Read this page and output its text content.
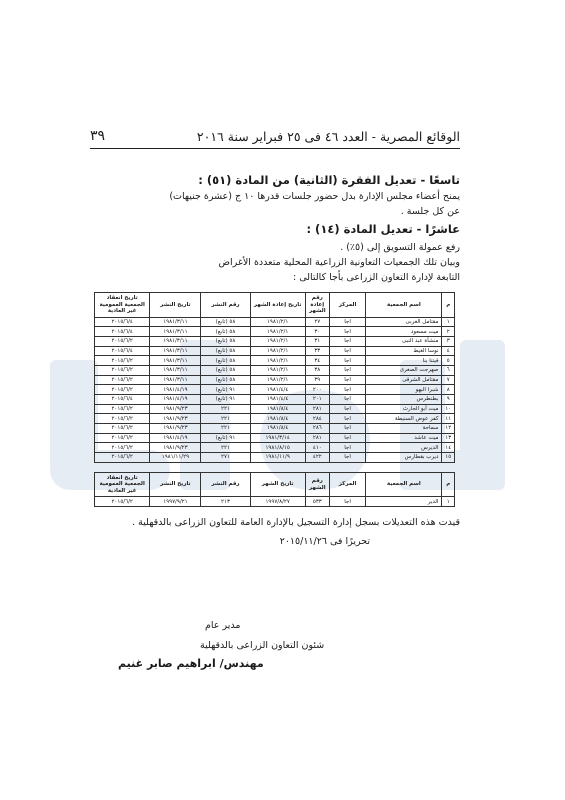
الوقائع المصرية - العدد ٤٦ فى ٢٥ فبراير سنة ٢٠١٦
٣٩
تاسعًا - تعديل الفقرة (الثانية) من المادة (٥١) :

يمنح أعضاء مجلس الإدارة بدل حضور جلسات قدرها ١٠ ج (عشرة جنيهات)

عن كل جلسة .

عاشرًا - تعديل المادة (١٤) :

رفع عمولة التسويق إلى (٥٪) .

وبيان تلك الجمعيات التعاونية الزراعية المحلية متعددة الأغراض

التابعة لإدارة التعاون الزراعى بأجا كالتالى :

م	اسم الجمعية	المركز	رقم إعادة الشهر	تاريخ إعادة الشهر	رقم النشر	تاريخ النشر	تاريخ انعقاد الجمعية العمومية غير العادية
١	مقتامل الغربى	اجا	٢٧	١٩٨١/٢/١	٥٨ (تابع)	١٩٨١/٣/١١	٢٠١٥/٦/٤
٢	ميت مسعود	اجا	٣٠	١٩٨١/٢/١	٥٨ (تابع)	١٩٨١/٣/١١	٢٠١٥/٦/٤
٣	منشأة عبد النبى	اجا	٣١	١٩٨١/٢/١	٥٨ (تابع)	١٩٨١/٣/١١	٢٠١٥/٦/٢
٤	نوسا الغيط	اجا	٣٣	١٩٨١/٢/١	٥٨ (تابع)	١٩٨١/٣/١١	٢٠١٥/٦/٤
٥	قيتنا بنا	اجا	٣٤	١٩٨١/٢/١	٥٨ (تابع)	١٩٨١/٣/١١	٢٠١٥/٦/٢
٦	صهرجت الصغرى	اجا	٣٨	١٩٨١/٢/١	٥٨ (تابع)	١٩٨١/٣/١١	٢٠١٥/٦/٢
٧	مقتامل الشرقى	اجا	٣٩	١٩٨١/٢/١	٥٨ (تابع)	١٩٨١/٣/١١	٢٠١٥/٦/٢
٨	شبرا البهو	اجا	٢٠٠	١٩٨١/٤/٤	٩١ (تابع)	١٩٨١/٤/١٩	٢٠١٥/٦/٢
٩	بطنطرس	اجا	٢٠١	١٩٨١/٤/٤	٩١ (تابع)	١٩٨١/٤/١٩	٢٠١٥/٦/٤
١٠	ميت أبو الحارث	اجا	٢٨١	١٩٨١/٨/٤	٢٢١	١٩٨١/٩/٢٣	٢٠١٥/٦/٢
١١	كفر عوض السنيطة	اجا	٢٨٤	١٩٨١/٨/٤	٢٢١	١٩٨١/٩/٢٣	٢٠١٥/٦/٢
١٢	سماحة	اجا	٢٨٦	١٩٨١/٨/٤	٢٢١	١٩٨١/٩/٢٣	٢٠١٥/٦/٢
١٣	ميت عاشد	اجا	٢٨١	١٩٨١/٣/١٤	٩١ (تابع)	١٩٨١/٤/١٩	٢٠١٥/٦/٢
١٤	الديرس	اجا	٤١٠	١٩٨١/٨/١٥	٢٢١	١٩٨١/٩/٢٣	٢٠١٥/٦/٢
١٥	ديرب بقطارس	اجا	٤٢٢	١٩٨١/١١/٩	٢٧١	١٩٨١/١١/٢٩	٢٠١٥/٦/٢
م	اسم الجمعية	المركز	رقم الشهر	تاريخ الشهر	رقم النشر	تاريخ النشر	تاريخ انعقاد الجمعية العمومية غير العادية
١	الدير	اجا	٥٣٣	١٩٩٧/٨/٢٧	٢١٣	١٩٩٧/٩/٢١	٢٠١٥/٦/٢

قيدت هذه التعديلات بسجل إدارة التسجيل بالإدارة العامة للتعاون الزراعى بالدقهلية .

تحريرًا فى ٢٠١٥/١١/٢٦

مدير عام
شئون التعاون الزراعى بالدقهلية
مهندس/ ابراهيم صابر غنيم
